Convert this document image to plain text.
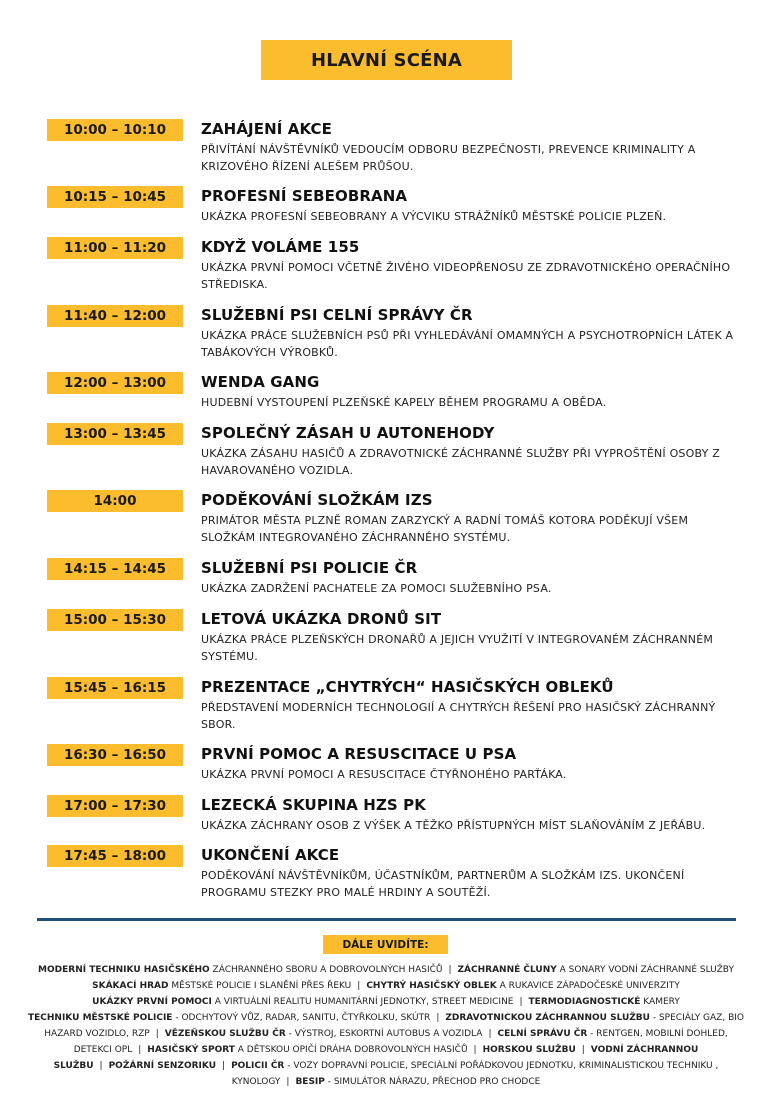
HLAVNÍ SCÉNA
10:00 – 10:10	ZAHÁJENÍ AKCE
PŘIVÍTÁNÍ NÁVŠTĚVNÍKŮ VEDOUCÍM ODBORU BEZPEČNOSTI, PREVENCE KRIMINALITY A KRIZOVÉHO ŘÍZENÍ ALEŠEM PRŮŠOU.
10:15 – 10:45	PROFESNÍ SEBEOBRANA
UKÁZKA PROFESNÍ SEBEOBRANY A VÝCVIKU STRÁŽNÍKŮ MĚSTSKÉ POLICIE PLZEŇ.
11:00 – 11:20	KDYŽ VOLÁME 155
UKÁZKA PRVNÍ POMOCI VČETNĚ ŽIVÉHO VIDEOPŘENOSU ZE ZDRAVOTNICKÉHO OPERAČNÍHO STŘEDISKA.
11:40 – 12:00	SLUŽEBNÍ PSI CELNÍ SPRÁVY ČR
UKÁZKA PRÁCE SLUŽEBNÍCH PSŮ PŘI VYHLEDÁVÁNÍ OMAMNÝCH A PSYCHOTROPNÍCH LÁTEK A TABÁKOVÝCH VÝROBKŮ.
12:00 – 13:00	WENDA GANG
HUDEBNÍ VYSTOUPENÍ PLZEŇSKÉ KAPELY BĚHEM PROGRAMU A OBĚDA.
13:00 – 13:45	SPOLEČNÝ ZÁSAH U AUTONEHODY
UKÁZKA ZÁSAHU HASIČŮ A ZDRAVOTNICKÉ ZÁCHRANNÉ SLUŽBY PŘI VYPROŠTĚNÍ OSOBY Z HAVAROVANÉHO VOZIDLA.
14:00	PODĚKOVÁNÍ SLOŽKÁM IZS
PRIMÁTOR MĚSTA PLZNĚ ROMAN ZARZYCKÝ A RADNÍ TOMÁŠ KOTORA PODĚKUJÍ VŠEM SLOŽKÁM INTEGROVANÉHO ZÁCHRANNÉHO SYSTÉMU.
14:15 – 14:45	SLUŽEBNÍ PSI POLICIE ČR
UKÁZKA ZADRŽENÍ PACHATELE ZA POMOCI SLUŽEBNÍHO PSA.
15:00 – 15:30	LETOVÁ UKÁZKA DRONŮ SIT
UKÁZKA PRÁCE PLZEŇSKÝCH DRONAŘŮ A JEJICH VYUŽITÍ V INTEGROVANÉM ZÁCHRANNÉM SYSTÉMU.
15:45 – 16:15	PREZENTACE „CHYTRÝCH“ HASIČSKÝCH OBLEKŮ
PŘEDSTAVENÍ MODERNÍCH TECHNOLOGIÍ A CHYTRÝCH ŘEŠENÍ PRO HASIČSKÝ ZÁCHRANNÝ SBOR.
16:30 – 16:50	PRVNÍ POMOC A RESUSCITACE U PSA
UKÁZKA PRVNÍ POMOCI A RESUSCITACE ČTYŘNOHÉHO PARŤÁKA.
17:00 – 17:30	LEZECKÁ SKUPINA HZS PK
UKÁZKA ZÁCHRANY OSOB Z VÝŠEK A TĚŽKO PŘÍSTUPNÝCH MÍST SLAŇOVÁNÍM Z JEŘÁBU.
17:45 – 18:00	UKONČENÍ AKCE
PODĚKOVÁNÍ NÁVŠTĚVNÍKŮM, ÚČASTNÍKŮM, PARTNERŮM A SLOŽKÁM IZS. UKONČENÍ PROGRAMU STEZKY PRO MALÉ HRDINY A SOUTĚŽÍ.
DÁLE UVIDÍTE:
MODERNÍ TECHNIKU HASIČSKÉHO ZÁCHRANNÉHO SBORU A DOBROVOLNÝCH HASIČŮ | ZÁCHRANNÉ ČLUNY A SONARY VODNÍ ZÁCHRANNÉ SLUŽBY
SKÁKACÍ HRAD MĚSTSKÉ POLICIE I SLANĚNÍ PŘES ŘEKU | CHYTRÝ HASIČSKÝ OBLEK A RUKAVICE ZÁPADOČESKÉ UNIVERZITY
UKÁZKY PRVNÍ POMOCI A VIRTUÁLNÍ REALITU HUMANITÁRNÍ JEDNOTKY, STREET MEDICINE | TERMODIAGNOSTICKÉ KAMERY
TECHNIKU MĚSTSKÉ POLICIE - ODCHYTOVÝ VŮZ, RADAR, SANITU, ČTYŘKOLKU, SKÚTR | ZDRAVOTNICKOU ZÁCHRANNOU SLUŽBU - SPECIÁLY GAZ, BIO HAZARD VOZIDLO, RZP | VĚZEŇSKOU SLUŽBU ČR - VÝSTROJ, ESKORTNÍ AUTOBUS A VOZIDLA | CELNÍ SPRÁVU ČR - RENTGEN, MOBILNÍ DOHLED, DETEKCI OPL | HASIČSKÝ SPORT A DĚTSKOU OPIČÍ DRÁHA DOBROVOLNÝCH HASIČŮ | HORSKOU SLUŽBU | VODNÍ ZÁCHRANNOU SLUŽBU | POŽÁRNÍ SENZORIKU | POLICII ČR - VOZY DOPRAVNÍ POLICIE, SPECIÁLNÍ POŘÁDKOVOU JEDNOTKU, KRIMINALISTICKOU TECHNIKU , KYNOLOGY | BESIP - SIMULÁTOR NÁRAZU, PŘECHOD PRO CHODCE
